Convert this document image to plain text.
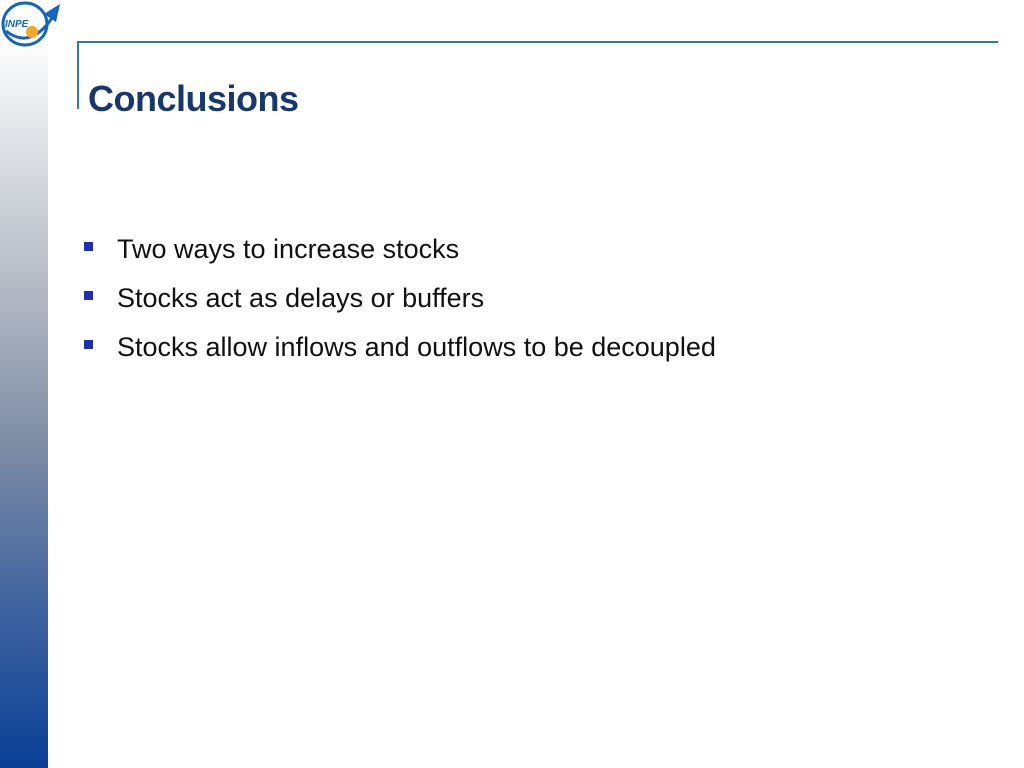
INPE
Conclusions
Two ways to increase stocks
Stocks act as delays or buffers
Stocks allow inflows and outflows to be decoupled
